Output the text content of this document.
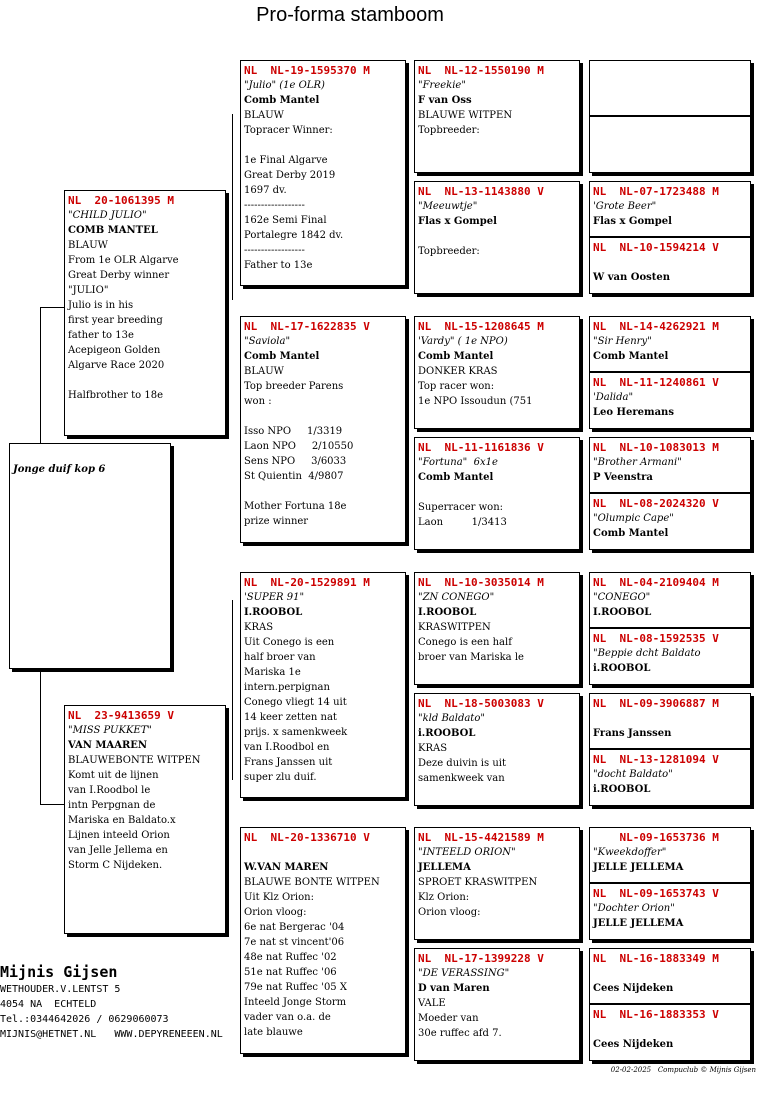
Pro-forma stamboom
Jonge duif kop 6
NL  20-1061395 M
"CHILD JULIO"
COMB MANTEL
BLAUW
From 1e OLR Algarve
Great Derby winner
"JULIO"
Julio is in his
first year breeding
father to 13e
Acepigeon Golden
Algarve Race 2020

Halfbrother to 18e
NL  23-9413659 V
"MISS PUKKET"
VAN MAAREN
BLAUWEBONTE WITPEN
Komt uit de lijnen
van I.Roodbol le
intn Perpgnan de
Mariska en Baldato.x
Lijnen inteeld Orion
van Jelle Jellema en
Storm C Nijdeken.
NL  NL-19-1595370 M
"Julio" (1e OLR)
Comb Mantel
BLAUW
Topracer Winner:

1e Final Algarve
Great Derby 2019
1697 dv.
------------------
162e Semi Final
Portalegre 1842 dv.
------------------
Father to 13e
NL  NL-17-1622835 V
"Saviola"
Comb Mantel
BLAUW
Top breeder Parens
won :

Isso NPO     1/3319
Laon NPO     2/10550
Sens NPO     3/6033
St Quientin  4/9807

Mother Fortuna 18e
prize winner
NL  NL-20-1529891 M
'SUPER 91"
I.ROOBOL
KRAS
Uit Conego is een
half broer van
Mariska 1e
intern.perpignan
Conego vliegt 14 uit
14 keer zetten nat
prijs. x samenkweek
van I.Roodbol en
Frans Janssen uit
super zlu duif.
NL  NL-20-1336710 V

W.VAN MAREN
BLAUWE BONTE WITPEN
Uit Klz Orion:
Orion vloog:
6e nat Bergerac '04
7e nat st vincent'06
48e nat Ruffec '02
51e nat Ruffec '06
79e nat Ruffec '05 X
Inteeld Jonge Storm
vader van o.a. de
late blauwe
NL  NL-12-1550190 M
"Freekie"
F van Oss
BLAUWE WITPEN
Topbreeder:
NL  NL-13-1143880 V
"Meeuwtje"
Flas x Gompel

Topbreeder:
NL  NL-15-1208645 M
'Vardy" ( 1e NPO)
Comb Mantel
DONKER KRAS
Top racer won:
1e NPO Issoudun (751
NL  NL-11-1161836 V
"Fortuna"  6x1e
Comb Mantel

Superracer won:
Laon         1/3413
NL  NL-10-3035014 M
"ZN CONEGO"
I.ROOBOL
KRASWITPEN
Conego is een half
broer van Mariska le
NL  NL-18-5003083 V
"kld Baldato"
i.ROOBOL
KRAS
Deze duivin is uit
samenkweek van
NL  NL-15-4421589 M
"INTEELD ORION"
JELLEMA
SPROET KRASWITPEN
Klz Orion:
Orion vloog:
NL  NL-17-1399228 V
"DE VERASSING"
D van Maren
VALE
Moeder van
30e ruffec afd 7.
NL  NL-07-1723488 M
'Grote Beer"
Flas x Gompel
NL  NL-10-1594214 V

W van Oosten
NL  NL-14-4262921 M
"Sir Henry"
Comb Mantel
NL  NL-11-1240861 V
'Dalida"
Leo Heremans
NL  NL-10-1083013 M
"Brother Armani"
P Veenstra
NL  NL-08-2024320 V
"Olumpic Cape"
Comb Mantel
NL  NL-04-2109404 M
"CONEGO"
I.ROOBOL
NL  NL-08-1592535 V
"Beppie dcht Baldato
i.ROOBOL
NL  NL-09-3906887 M

Frans Janssen
NL  NL-13-1281094 V
"docht Baldato"
i.ROOBOL
NL-09-1653736 M
"Kweekdoffer"
JELLE JELLEMA
NL  NL-09-1653743 V
"Dochter Orion"
JELLE JELLEMA
NL  NL-16-1883349 M

Cees Nijdeken
NL  NL-16-1883353 V

Cees Nijdeken
Mijnis Gijsen
WETHOUDER.V.LENTST 5
4054 NA  ECHTELD
Tel.:0344642026 / 0629060073
MIJNIS@HETNET.NL   WWW.DEPYRENEEEN.NL
02-02-2025   Compuclub © Mijnis Gijsen
